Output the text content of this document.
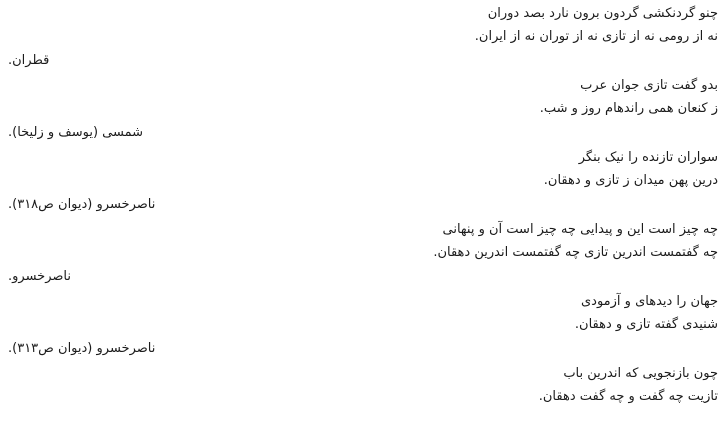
چنو گردنکشی گردون برون نارد بصد دوران
نه از رومی نه از تازی نه از توران نه از ایران.
قطران.
بدو گفت تازی جوان عرب
ز کنعان همی راندهام روز و شب.
شمسی (یوسف و زلیخا).
سواران تازنده را نیک بنگر
درین پهن میدان ز تازی و دهقان.
ناصرخسرو (دیوان ص۳۱۸).
چه چیز است این و پیدایی چه چیز است آن و پنهانی
چه گفتمست اندرین تازی چه گفتمست اندرین دهقان.
ناصرخسرو.
جهان را دیدهای و آزمودی
شنیدی گفته تازی و دهقان.
ناصرخسرو (دیوان ص۳۱۳).
چون بازنجویی که اندرین باب
تازیت چه گفت و چه گفت دهقان.
